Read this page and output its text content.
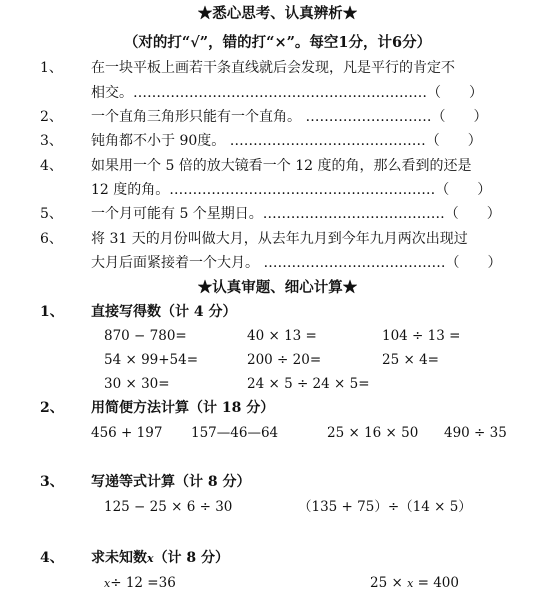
★悉心思考、认真辨析★
（对的打“√”，错的打“×”。每空1分，计6分）
1、 在一块平板上画若干条直线就后会发现，凡是平行的肯定不
相交。………………………………………………………（　　）
2、 一个直角三角形只能有一个直角。 ………………………（　　）
3、 钝角都不小于 90度。 ……………………………………（　　）
4、 如果用一个 5 倍的放大镜看一个 12 度的角，那么看到的还是
12 度的角。…………………………………………………（　　）
5、 一个月可能有 5 个星期日。…………………………………（　　）
6、 将 31 天的月份叫做大月，从去年九月到今年九月两次出现过
大月后面紧接着一个大月。 …………………………………（　　）
★认真审题、细心计算★
1、 直接写得数（计 4 分）
870 − 780=	40 × 13 =	104 ÷ 13 =
54 × 99+54=	200 ÷ 20=	25 × 4=
30 × 30=	24 × 5 ÷ 24 × 5=
2、 用简便方法计算（计 18 分）
456 + 197 157—46—64	25 × 16 × 50 490 ÷ 35
3、 写递等式计算（计 8 分）
125 − 25 × 6 ÷ 30	（135 + 75）÷（14 × 5）
4、 求未知数x（计 8 分）
x÷ 12 =36	25 × x = 400
